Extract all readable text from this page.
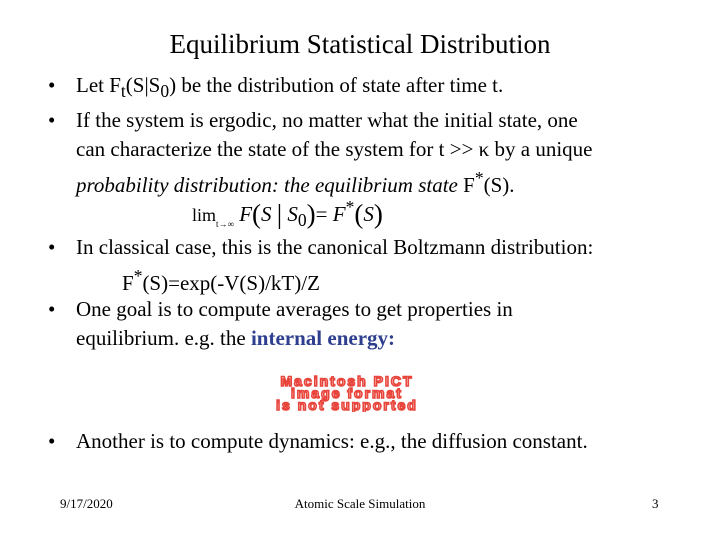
Equilibrium Statistical Distribution
• Let $F_t(S|S_0)$ be the distribution of state after time t.
• If the system is ergodic, no matter what the initial state, one
can characterize the state of the system for t >> κ by a unique
probability distribution: the equilibrium state F*(S).
$\lim_{t\to\infty} F(S$ | $S_0)= F^*(S)$
• In classical case, this is the canonical Boltzmann distribution:
F*(S)=exp(-V(S)/kT)/Z
• One goal is to compute averages to get properties in
equilibrium. e.g. the internal energy:
Macintosh PICT
image format
is not supported
• Another is to compute dynamics: e.g., the diffusion constant.
9/17/2020	Atomic Scale Simulation	3
